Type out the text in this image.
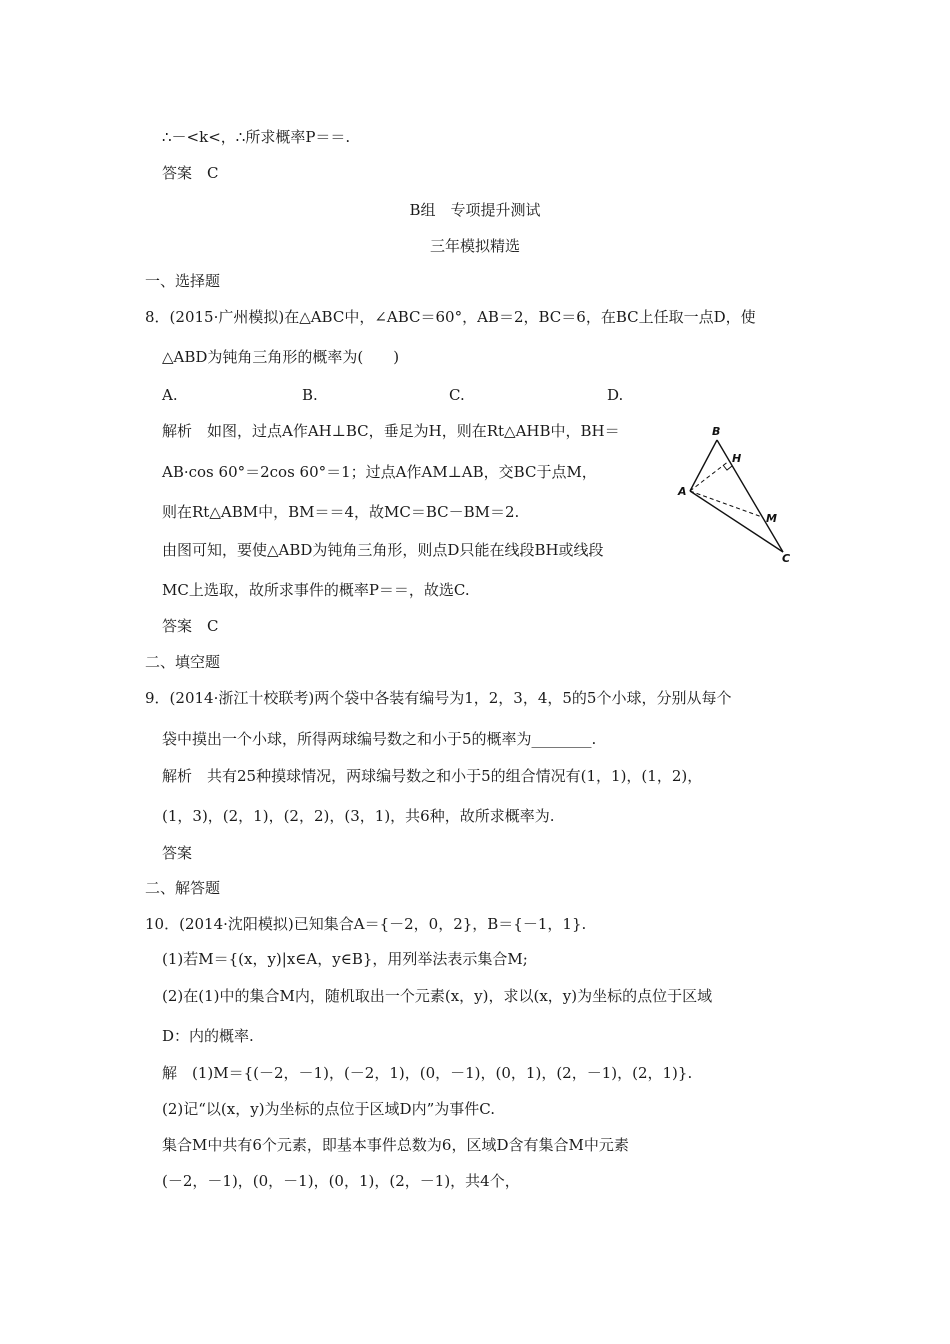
∴－<k<，∴所求概率P＝＝.
答案　C
B组　专项提升测试
三年模拟精选
一、选择题
8．(2015·广州模拟)在△ABC中，∠ABC＝60°，AB＝2，BC＝6，在BC上任取一点D，使
△ABD为钝角三角形的概率为(　　)
A.	B.	C.	D.
解析　如图，过点A作AH⊥BC，垂足为H，则在Rt△AHB中，BH＝
AB·cos 60°＝2cos 60°＝1；过点A作AM⊥AB，交BC于点M，
则在Rt△ABM中，BM＝＝4，故MC＝BC－BM＝2.
由图可知，要使△ABD为钝角三角形，则点D只能在线段BH或线段
MC上选取，故所求事件的概率P＝＝，故选C.
答案　C
二、填空题
9．(2014·浙江十校联考)两个袋中各装有编号为1，2，3，4，5的5个小球，分别从每个
袋中摸出一个小球，所得两球编号数之和小于5的概率为________.
解析　共有25种摸球情况，两球编号数之和小于5的组合情况有(1，1)，(1，2)，
(1，3)，(2，1)，(2，2)，(3，1)，共6种，故所求概率为.
答案
二、解答题
10．(2014·沈阳模拟)已知集合A＝{－2，0，2}，B＝{－1，1}.
(1)若M＝{(x，y)|x∈A，y∈B}，用列举法表示集合M;
(2)在(1)中的集合M内，随机取出一个元素(x，y)，求以(x，y)为坐标的点位于区域
D：内的概率.
解　(1)M＝{(－2，－1)，(－2，1)，(0，－1)，(0，1)，(2，－1)，(2，1)}.
(2)记“以(x，y)为坐标的点位于区域D内”为事件C.
集合M中共有6个元素，即基本事件总数为6，区域D含有集合M中元素
(－2，－1)，(0，－1)，(0，1)，(2，－1)，共4个，
B
H
A
M
C
